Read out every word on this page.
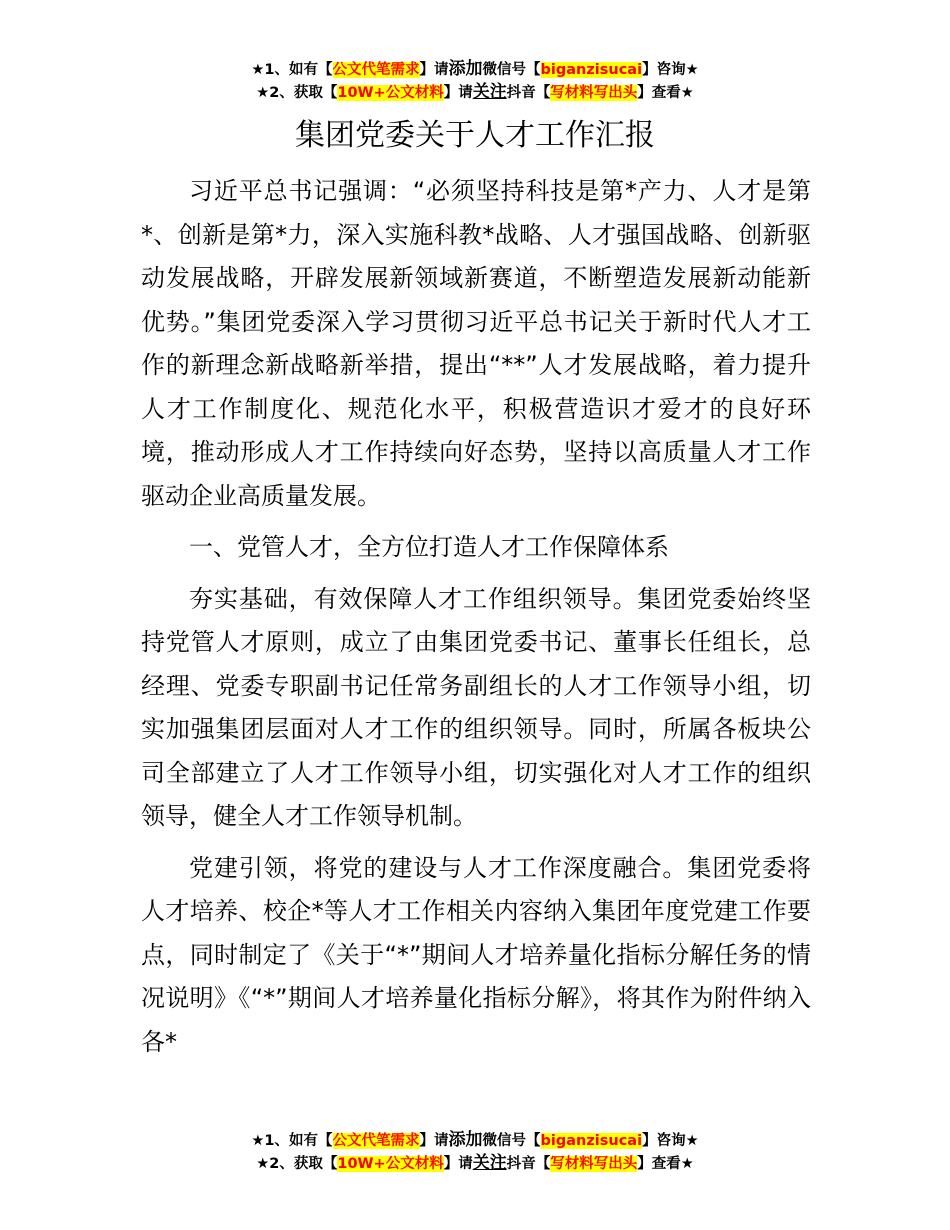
★1、如有【公文代笔需求】请添加微信号【biganzisucai】咨询★
★2、获取【10W+公文材料】请关注抖音【写材料写出头】查看★
集团党委关于人才工作汇报

习近平总书记强调：“必须坚持科技是第*产力、人才是第*、创新是第*力，深入实施科教*战略、人才强国战略、创新驱动发展战略，开辟发展新领域新赛道，不断塑造发展新动能新优势。”集团党委深入学习贯彻习近平总书记关于新时代人才工作的新理念新战略新举措，提出“**”人才发展战略，着力提升人才工作制度化、规范化水平，积极营造识才爱才的良好环境，推动形成人才工作持续向好态势，坚持以高质量人才工作驱动企业高质量发展。

一、党管人才，全方位打造人才工作保障体系

夯实基础，有效保障人才工作组织领导。集团党委始终坚持党管人才原则，成立了由集团党委书记、董事长任组长，总经理、党委专职副书记任常务副组长的人才工作领导小组，切实加强集团层面对人才工作的组织领导。同时，所属各板块公司全部建立了人才工作领导小组，切实强化对人才工作的组织领导，健全人才工作领导机制。

党建引领，将党的建设与人才工作深度融合。集团党委将人才培养、校企*等人才工作相关内容纳入集团年度党建工作要点，同时制定了《关于“*”期间人才培养量化指标分解任务的情况说明》《“*”期间人才培养量化指标分解》，将其作为附件纳入各*

★1、如有【公文代笔需求】请添加微信号【biganzisucai】咨询★
★2、获取【10W+公文材料】请关注抖音【写材料写出头】查看★
